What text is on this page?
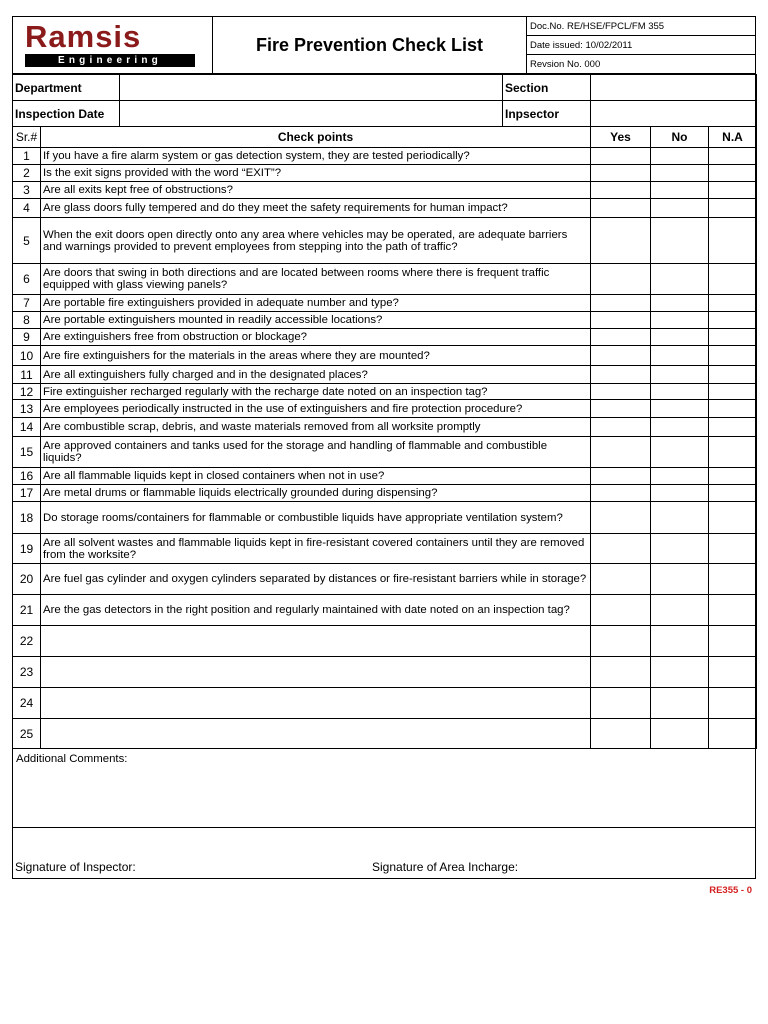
Ramsis
Engineering
Fire Prevention Check List
Doc.No. RE/HSE/FPCL/FM 355
Date issued: 10/02/2011
Revsion No. 000
Department			Section			
Inspection Date			Inpsector			
Sr.#	Check points			Yes	No	N.A
1	If you have a fire alarm system or gas detection system, they are tested periodically?					
2	Is the exit signs provided with the word “EXIT”?					
3	Are all exits kept free of obstructions?					
4	Are glass doors fully tempered and do they meet the safety requirements for human impact?					
5	When the exit doors open directly onto any area where vehicles may be operated, are adequate barriers and warnings provided to prevent employees from stepping into the path of traffic?					
6	Are doors that swing in both directions and are located between rooms where there is frequent traffic equipped with glass viewing panels?					
7	Are portable fire extinguishers provided in adequate number and type?					
8	Are portable extinguishers mounted in readily accessible locations?					
9	Are extinguishers free from obstruction or blockage?					
10	Are fire extinguishers for the materials in the areas where they are mounted?					
11	Are all extinguishers fully charged and in the designated places?					
12	Fire extinguisher recharged regularly with the recharge date noted on an inspection tag?					
13	Are employees periodically instructed in the use of extinguishers and fire protection procedure?					
14	Are combustible scrap, debris, and waste materials removed from all worksite promptly					
15	Are approved containers and tanks used for the storage and handling of flammable and combustible liquids?					
16	Are all flammable liquids kept in closed containers when not in use?					
17	Are metal drums or flammable liquids electrically grounded during dispensing?					
18	Do storage rooms/containers for flammable or combustible liquids have appropriate ventilation system?					
19	Are all solvent wastes and flammable liquids kept in fire-resistant covered containers until they are removed from the worksite?					
20	Are fuel gas cylinder and oxygen cylinders separated by distances or fire-resistant barriers while in storage?					
21	Are the gas detectors in the right position and regularly maintained with date noted on an inspection tag?					
22						
23						
24						
25						
Additional Comments:
Signature of Inspector:	Signature of Area Incharge:
RE355 - 0
